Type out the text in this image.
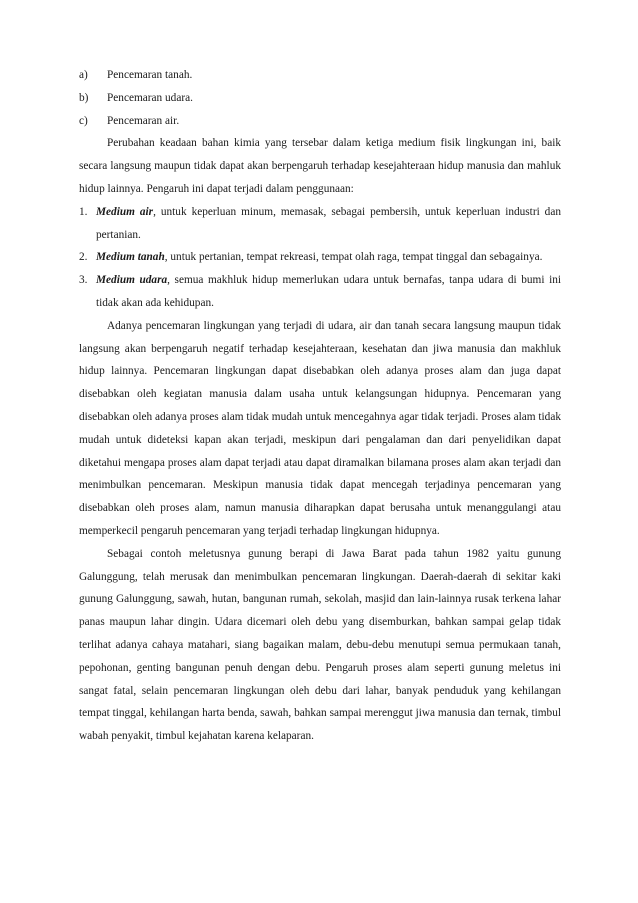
a)	Pencemaran tanah.
b)	Pencemaran udara.
c)	Pencemaran air.

Perubahan keadaan bahan kimia yang tersebar dalam ketiga medium fisik lingkungan ini, baik secara langsung maupun tidak dapat akan berpengaruh terhadap kesejahteraan hidup manusia dan mahluk hidup lainnya. Pengaruh ini dapat terjadi dalam penggunaan:

1. Medium air, untuk keperluan minum, memasak, sebagai pembersih, untuk keperluan industri dan pertanian.
2. Medium tanah, untuk pertanian, tempat rekreasi, tempat olah raga, tempat tinggal dan sebagainya.
3. Medium udara, semua makhluk hidup memerlukan udara untuk bernafas, tanpa udara di bumi ini tidak akan ada kehidupan.

Adanya pencemaran lingkungan yang terjadi di udara, air dan tanah secara langsung maupun tidak langsung akan berpengaruh negatif terhadap kesejahteraan, kesehatan dan jiwa manusia dan makhluk hidup lainnya. Pencemaran lingkungan dapat disebabkan oleh adanya proses alam dan juga dapat disebabkan oleh kegiatan manusia dalam usaha untuk kelangsungan hidupnya. Pencemaran yang disebabkan oleh adanya proses alam tidak mudah untuk mencegahnya agar tidak terjadi. Proses alam tidak mudah untuk dideteksi kapan akan terjadi, meskipun dari pengalaman dan dari penyelidikan dapat diketahui mengapa proses alam dapat terjadi atau dapat diramalkan bilamana proses alam akan terjadi dan menimbulkan pencemaran. Meskipun manusia tidak dapat mencegah terjadinya pencemaran yang disebabkan oleh proses alam, namun manusia diharapkan dapat berusaha untuk menanggulangi atau memperkecil pengaruh pencemaran yang terjadi terhadap lingkungan hidupnya.

Sebagai contoh meletusnya gunung berapi di Jawa Barat pada tahun 1982 yaitu gunung Galunggung, telah merusak dan menimbulkan pencemaran lingkungan. Daerah-daerah di sekitar kaki gunung Galunggung, sawah, hutan, bangunan rumah, sekolah, masjid dan lain-lainnya rusak terkena lahar panas maupun lahar dingin. Udara dicemari oleh debu yang disemburkan, bahkan sampai gelap tidak terlihat adanya cahaya matahari, siang bagaikan malam, debu-debu menutupi semua permukaan tanah, pepohonan, genting bangunan penuh dengan debu. Pengaruh proses alam seperti gunung meletus ini sangat fatal, selain pencemaran lingkungan oleh debu dari lahar, banyak penduduk yang kehilangan tempat tinggal, kehilangan harta benda, sawah, bahkan sampai merenggut jiwa manusia dan ternak, timbul wabah penyakit, timbul kejahatan karena kelaparan.
